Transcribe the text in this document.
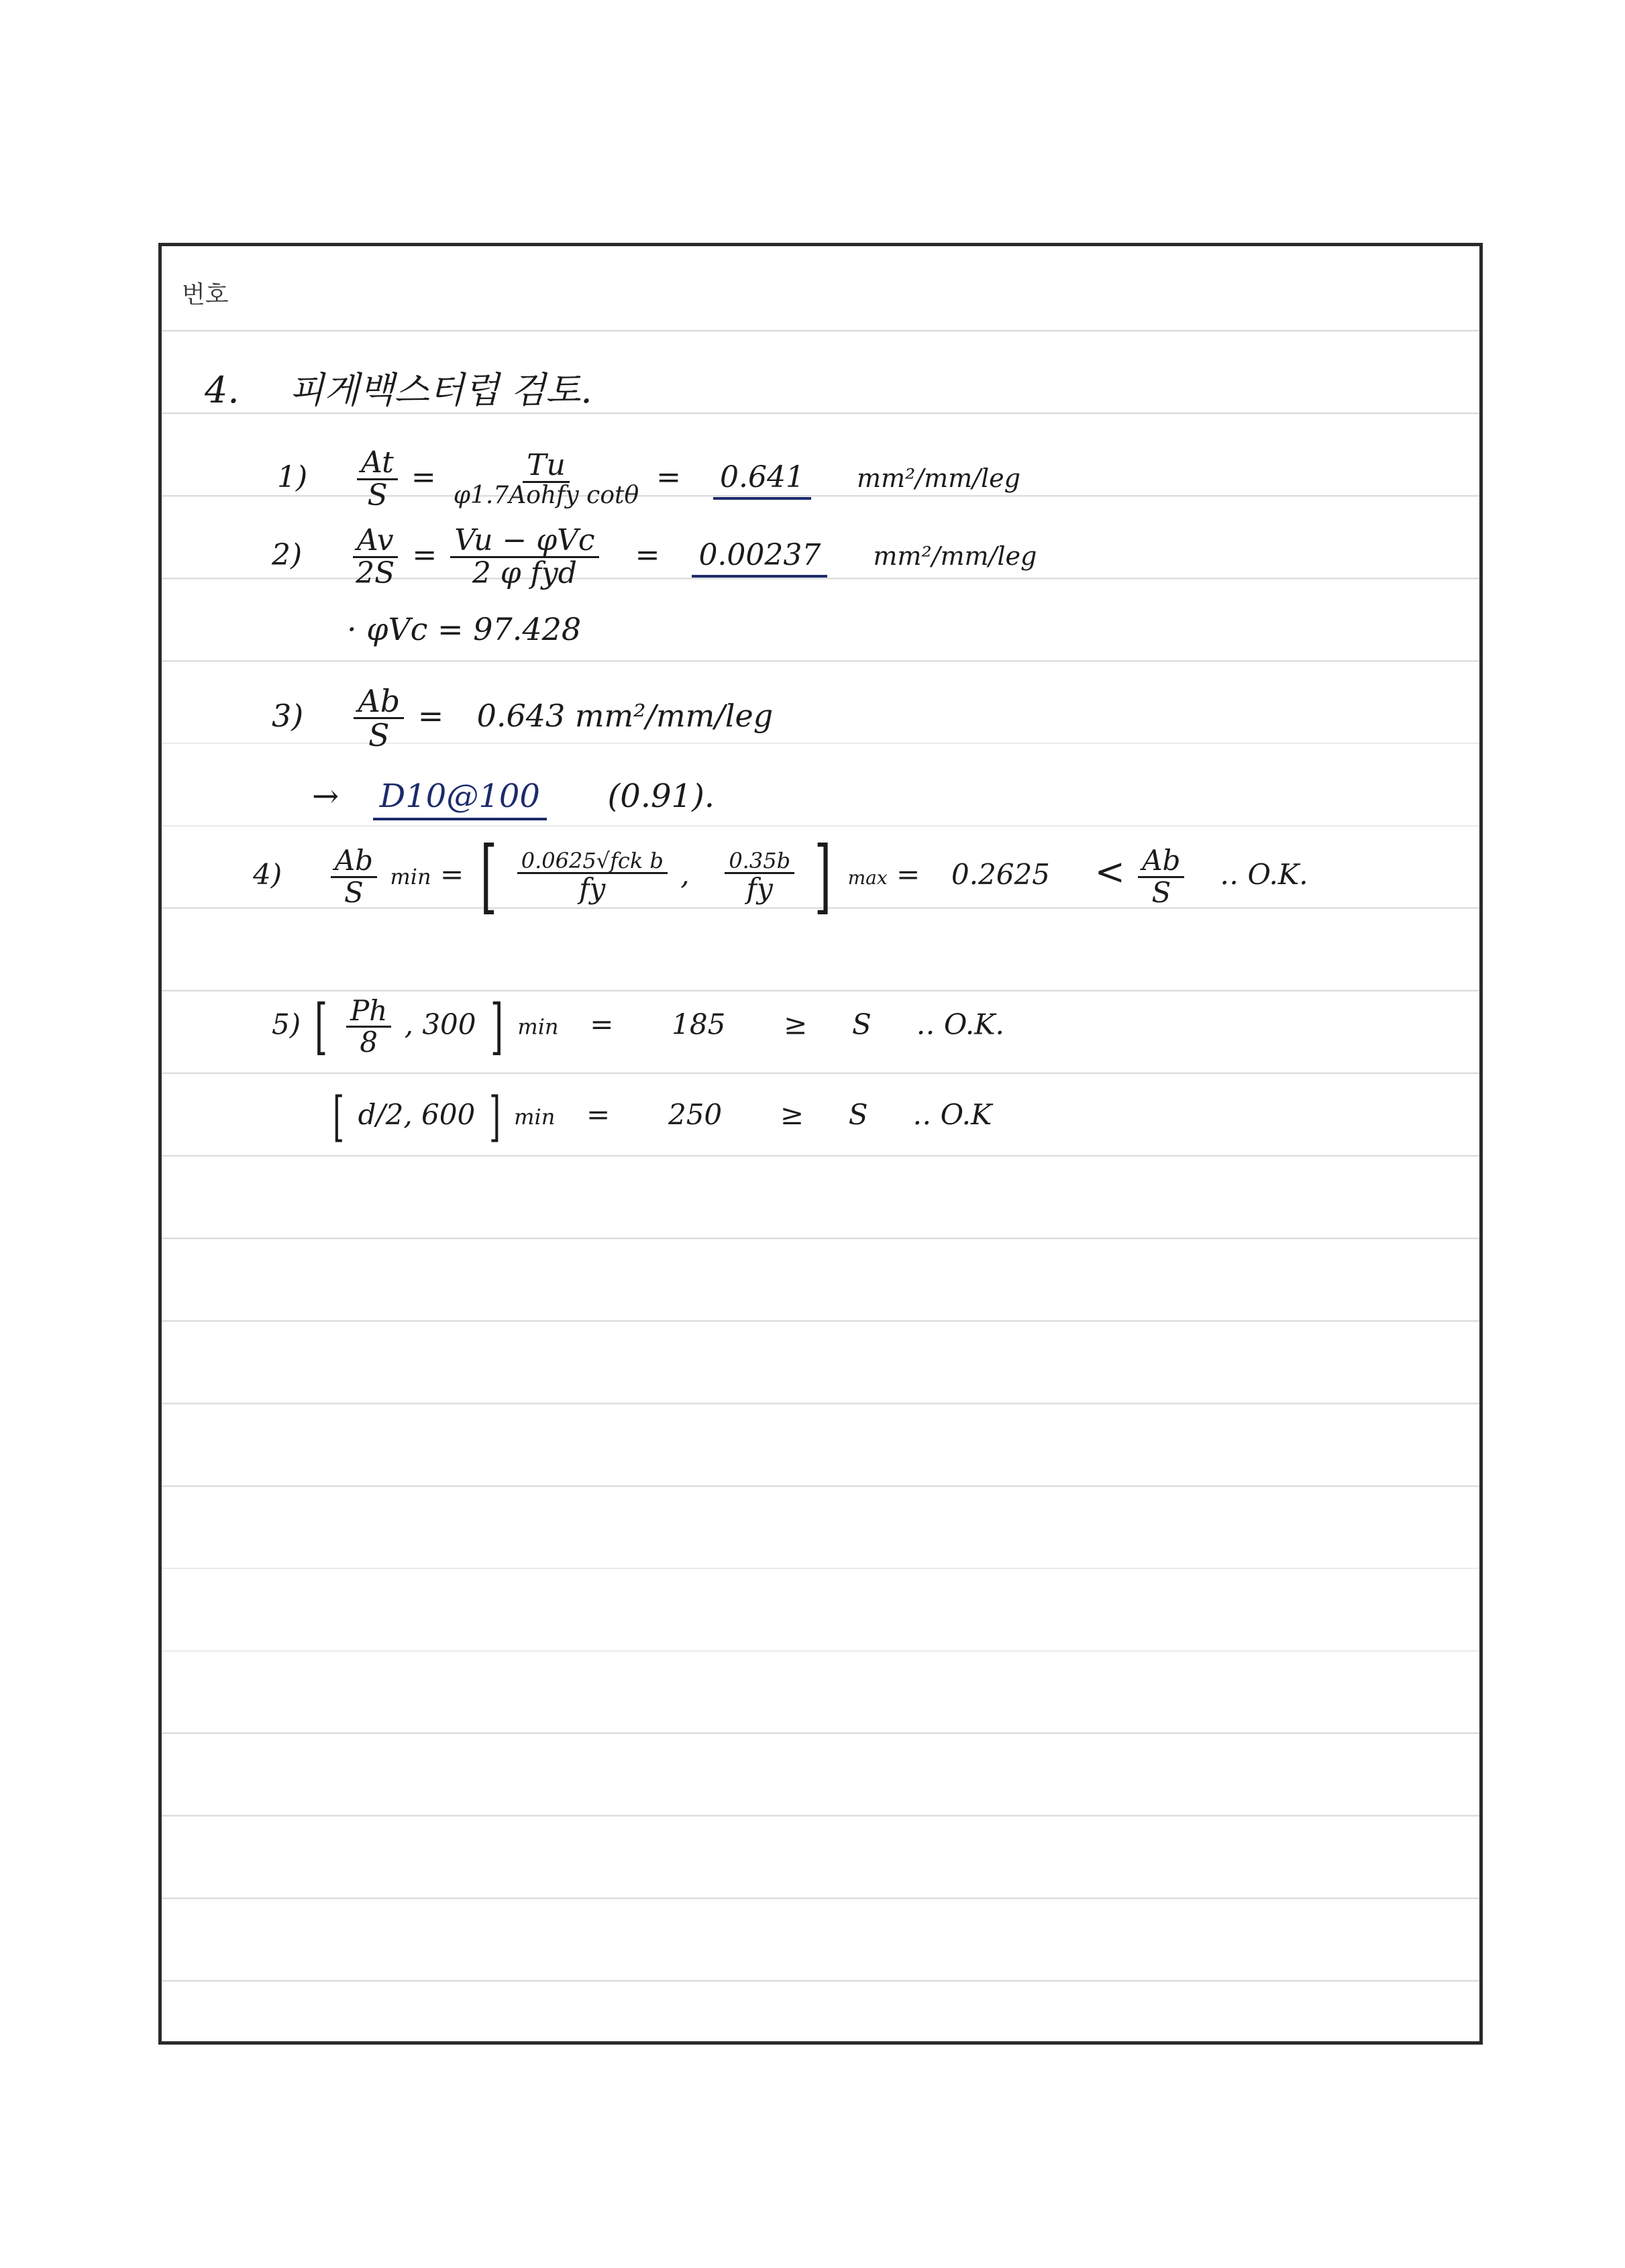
번호
4. 피게백스터럽 검토.
$1) \frac{At}{S} = \frac{Tu}{\text{φ1.7Aohfy cotθ}} = 0.641$ mm²/mm/leg
$2) \frac{Av}{2S} = \frac{\text{Vu − φVc}}{\text{2 φ fyd}} = 0.00237$ mm²/mm/leg
· φVc = 97.428
$3) \frac{Ab}{S} = 0.643$ mm²/mm/leg
→ D10@100 (0.91).
$4) \frac{Ab}{S}$ min = [ $\frac{\text{0.0625√fck b}}{fy}$ , $\frac{0.35b}{fy}$ ] $\max = 0.2625 < \frac{Ab}{S}$ ‥ O.K.
5) [ $\frac{Ph}{8}$ , 300 ] min = 185 ≥ S ‥ O.K.
[ d/2, 600 ] min = 250 ≥ S ‥ O.K
